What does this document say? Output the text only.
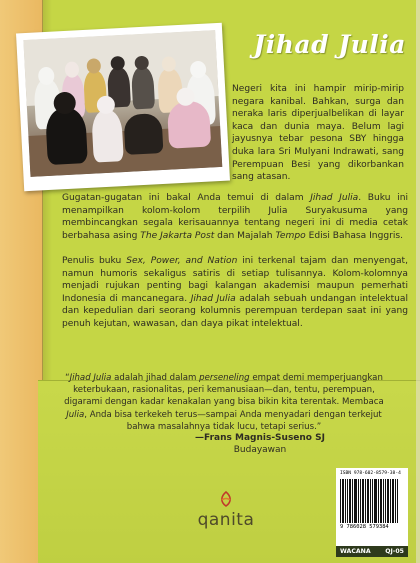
Jihad Julia

Negeri kita ini hampir mirip-mirip negara kanibal. Bahkan, surga dan neraka laris diperjualbelikan di layar kaca dan dunia maya. Belum lagi jayusnya tebar pesona SBY hingga duka lara Sri Mulyani Indrawati, sang Perempuan Besi yang dikorbankan sang atasan.

Gugatan-gugatan ini bakal Anda temui di dalam Jihad Julia. Buku ini menampilkan kolom-kolom terpilih Julia Suryakusuma yang membincangkan segala kerisauannya tentang negeri ini di media cetak berbahasa asing The Jakarta Post dan Majalah Tempo Edisi Bahasa Inggris.

Penulis buku Sex, Power, and Nation ini terkenal tajam dan menyengat, namun humoris sekaligus satiris di setiap tulisannya. Kolom-kolomnya menjadi rujukan penting bagi kalangan akademisi maupun pemerhati Indonesia di mancanegara. Jihad Julia adalah sebuah undangan intelektual dan kepedulian dari seorang kolumnis perempuan terdepan saat ini yang penuh kejutan, wawasan, dan daya pikat intelektual.

“Jihad Julia adalah jihad dalam perseneling empat demi memperjuangkan keterbukaan, rasionalitas, peri kemanusiaan—dan, tentu, perempuan, digarami dengan kadar kenakalan yang bisa bikin kita terentak. Membaca Julia, Anda bisa terkekeh terus—sampai Anda menyadari dengan terkejut bahwa masalahnya tidak lucu, tetapi serius.”

—Frans Magnis-Suseno SJ
Budayawan
qanita
ISBN 978-602-8579-38-4
9 786028 579384
WACANA QJ-05
